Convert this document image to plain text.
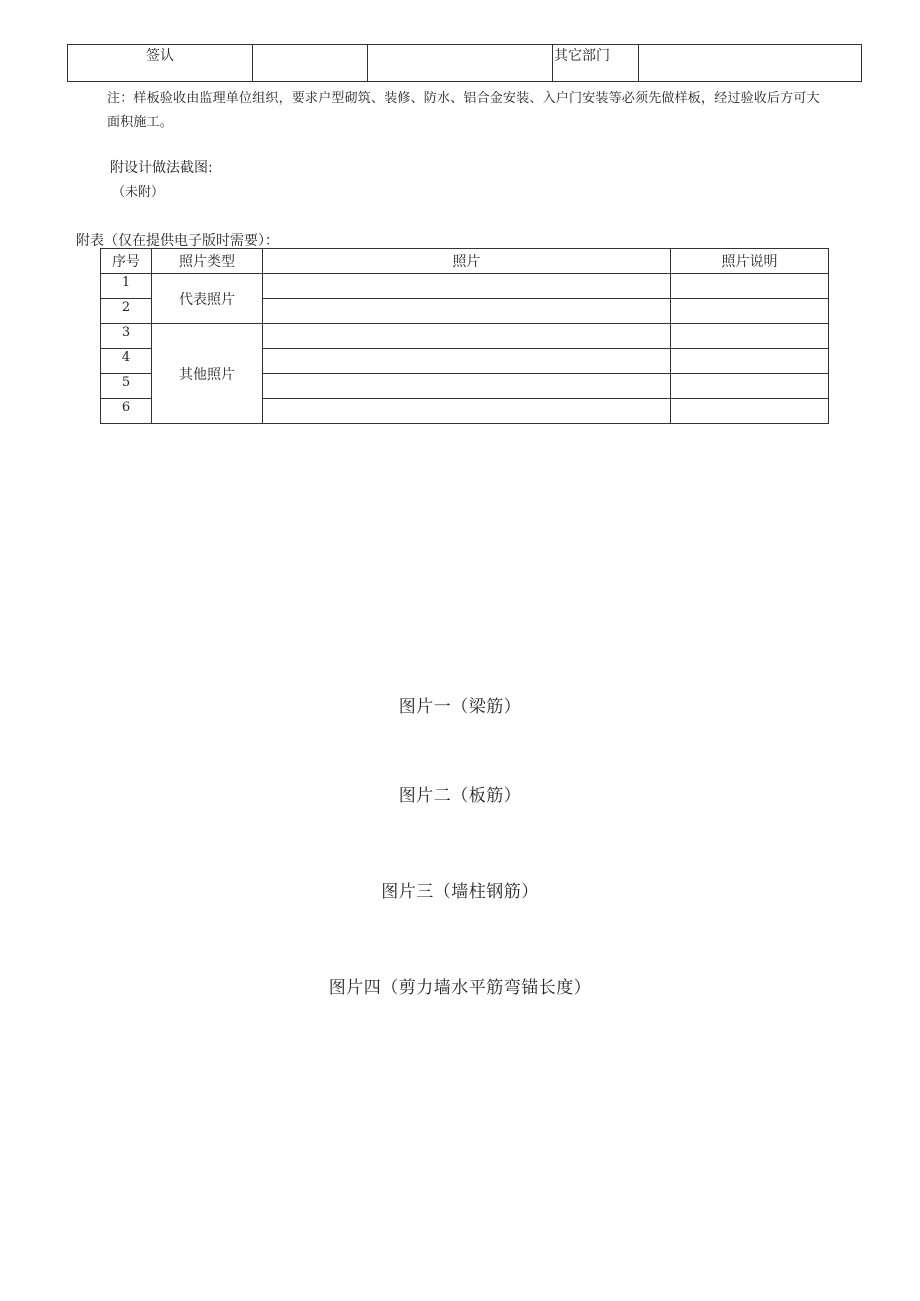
签认			其它部门	
注：样板验收由监理单位组织，要求户型砌筑、装修、防水、铝合金安装、入户门安装等必须先做样板，经过验收后方可大
面积施工。
附设计做法截图:
（未附）
附表（仅在提供电子版时需要）：
序号	照片类型	照片	照片说明
1	代表照片		
2			
3	其他照片		
4			
5			
6			
图片一（梁筋）
图片二（板筋）
图片三（墙柱钢筋）
图片四（剪力墙水平筋弯锚长度）
